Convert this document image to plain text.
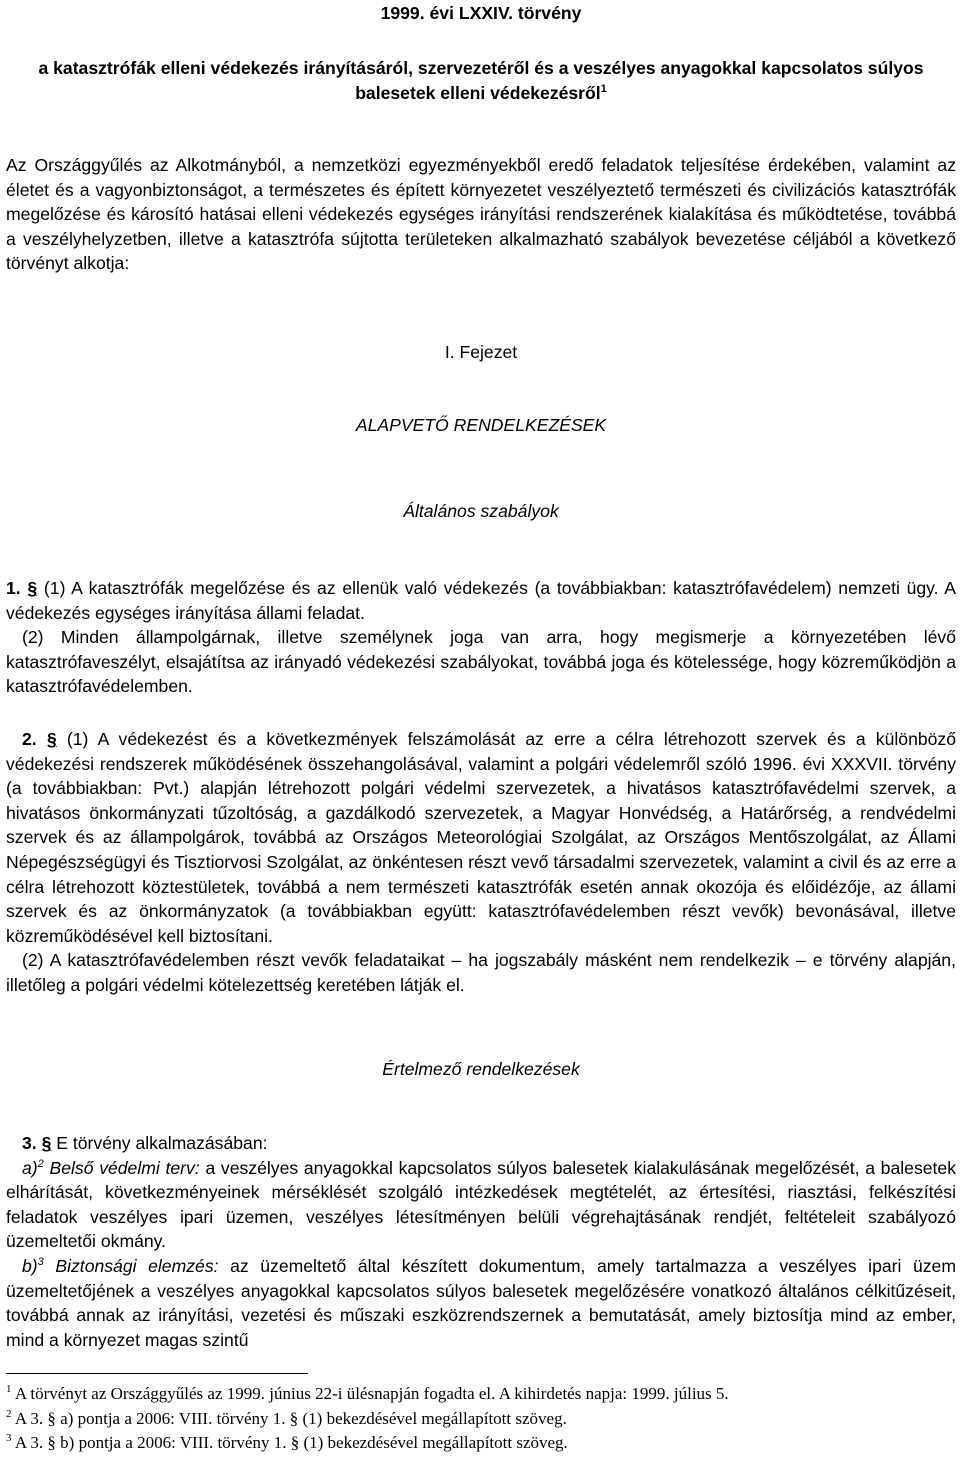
1999. évi LXXIV. törvény

a katasztrófák elleni védekezés irányításáról, szervezetéről és a veszélyes anyagokkal kapcsolatos súlyos balesetek elleni védekezésről$^1$

Az Országgyűlés az Alkotmányból, a nemzetközi egyezményekből eredő feladatok teljesítése érdekében, valamint az életet és a vagyonbiztonságot, a természetes és épített környezetet veszélyeztető természeti és civilizációs katasztrófák megelőzése és károsító hatásai elleni védekezés egységes irányítási rendszerének kialakítása és működtetése, továbbá a veszélyhelyzetben, illetve a katasztrófa sújtotta területeken alkalmazható szabályok bevezetése céljából a következő törvényt alkotja:

I. Fejezet

ALAPVETŐ RENDELKEZÉSEK

Általános szabályok

1. § (1) A katasztrófák megelőzése és az ellenük való védekezés (a továbbiakban: katasztrófavédelem) nemzeti ügy. A védekezés egységes irányítása állami feladat.

(2) Minden állampolgárnak, illetve személynek joga van arra, hogy megismerje a környezetében lévő katasztrófaveszélyt, elsajátítsa az irányadó védekezési szabályokat, továbbá joga és kötelessége, hogy közreműködjön a katasztrófavédelemben.

2. § (1) A védekezést és a következmények felszámolását az erre a célra létrehozott szervek és a különböző védekezési rendszerek működésének összehangolásával, valamint a polgári védelemről szóló 1996. évi XXXVII. törvény (a továbbiakban: Pvt.) alapján létrehozott polgári védelmi szervezetek, a hivatásos katasztrófavédelmi szervek, a hivatásos önkormányzati tűzoltóság, a gazdálkodó szervezetek, a Magyar Honvédség, a Határőrség, a rendvédelmi szervek és az állampolgárok, továbbá az Országos Meteorológiai Szolgálat, az Országos Mentőszolgálat, az Állami Népegészségügyi és Tisztiorvosi Szolgálat, az önkéntesen részt vevő társadalmi szervezetek, valamint a civil és az erre a célra létrehozott köztestületek, továbbá a nem természeti katasztrófák esetén annak okozója és előidézője, az állami szervek és az önkormányzatok (a továbbiakban együtt: katasztrófavédelemben részt vevők) bevonásával, illetve közreműködésével kell biztosítani.

(2) A katasztrófavédelemben részt vevők feladataikat – ha jogszabály másként nem rendelkezik – e törvény alapján, illetőleg a polgári védelmi kötelezettség keretében látják el.

Értelmező rendelkezések

3. § E törvény alkalmazásában:

a)$^2$ Belső védelmi terv: a veszélyes anyagokkal kapcsolatos súlyos balesetek kialakulásának megelőzését, a balesetek elhárítását, következményeinek mérséklését szolgáló intézkedések megtételét, az értesítési, riasztási, felkészítési feladatok veszélyes ipari üzemen, veszélyes létesítményen belüli végrehajtásának rendjét, feltételeit szabályozó üzemeltetői okmány.

b)$^3$ Biztonsági elemzés: az üzemeltető által készített dokumentum, amely tartalmazza a veszélyes ipari üzem üzemeltetőjének a veszélyes anyagokkal kapcsolatos súlyos balesetek megelőzésére vonatkozó általános célkitűzéseit, továbbá annak az irányítási, vezetési és műszaki eszközrendszernek a bemutatását, amely biztosítja mind az ember, mind a környezet magas szintű

$^1$ A törvényt az Országgyűlés az 1999. június 22-i ülésnapján fogadta el. A kihirdetés napja: 1999. július 5.

$^2$ A 3. § a) pontja a 2006: VIII. törvény 1. § (1) bekezdésével megállapított szöveg.

$^3$ A 3. § b) pontja a 2006: VIII. törvény 1. § (1) bekezdésével megállapított szöveg.
